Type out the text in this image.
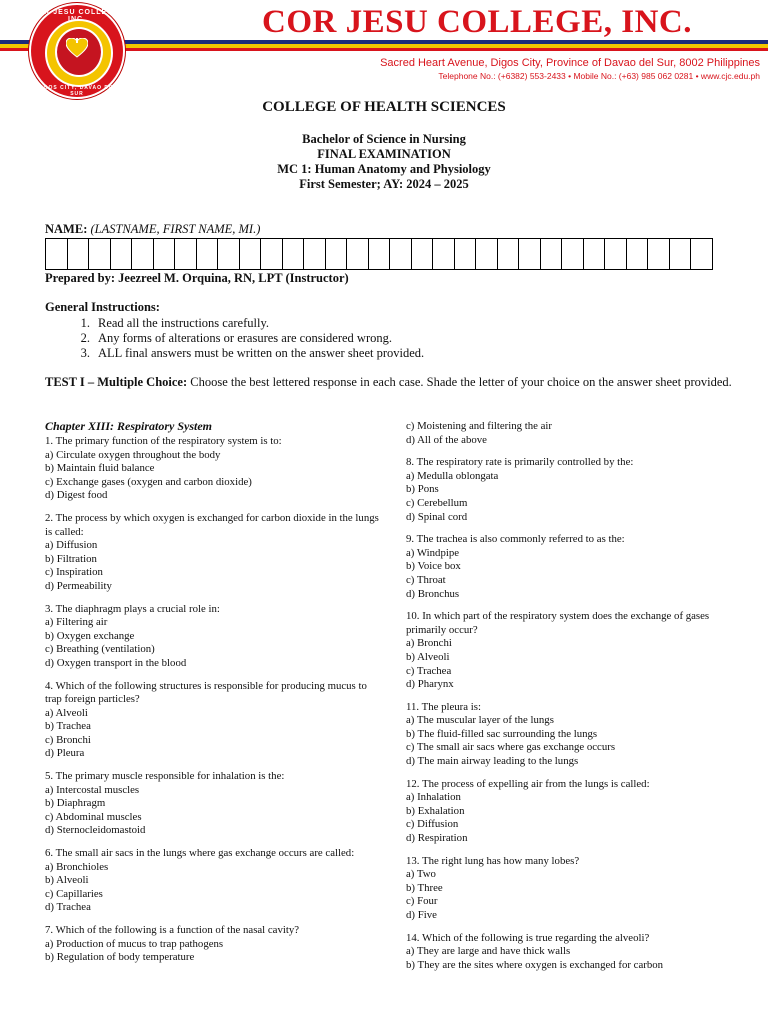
COR JESU COLLEGE, INC.
DIGOS CITY, DAVAO DEL SUR
COR JESU COLLEGE, INC.
Sacred Heart Avenue, Digos City, Province of Davao del Sur, 8002 Philippines
Telephone No.: (+6382) 553-2433 • Mobile No.: (+63) 985 062 0281 • www.cjc.edu.ph
COLLEGE OF HEALTH SCIENCES
Bachelor of Science in Nursing
FINAL EXAMINATION
MC 1: Human Anatomy and Physiology
First Semester; AY: 2024 – 2025
NAME: (LASTNAME, FIRST NAME, MI.)
Prepared by: Jeezreel M. Orquina, RN, LPT (Instructor)
General Instructions:
1. Read all the instructions carefully.
2. Any forms of alterations or erasures are considered wrong.
3. ALL final answers must be written on the answer sheet provided.
TEST I – Multiple Choice: Choose the best lettered response in each case. Shade the letter of your choice on the answer sheet provided.
Chapter XIII: Respiratory System
1. The primary function of the respiratory system is to:
a) Circulate oxygen throughout the body
b) Maintain fluid balance
c) Exchange gases (oxygen and carbon dioxide)
d) Digest food
2. The process by which oxygen is exchanged for carbon dioxide in the lungs is called:
a) Diffusion
b) Filtration
c) Inspiration
d) Permeability
3. The diaphragm plays a crucial role in:
a) Filtering air
b) Oxygen exchange
c) Breathing (ventilation)
d) Oxygen transport in the blood
4. Which of the following structures is responsible for producing mucus to trap foreign particles?
a) Alveoli
b) Trachea
c) Bronchi
d) Pleura
5. The primary muscle responsible for inhalation is the:
a) Intercostal muscles
b) Diaphragm
c) Abdominal muscles
d) Sternocleidomastoid
6. The small air sacs in the lungs where gas exchange occurs are called:
a) Bronchioles
b) Alveoli
c) Capillaries
d) Trachea
7. Which of the following is a function of the nasal cavity?
a) Production of mucus to trap pathogens
b) Regulation of body temperature
c) Moistening and filtering the air
d) All of the above
8. The respiratory rate is primarily controlled by the:
a) Medulla oblongata
b) Pons
c) Cerebellum
d) Spinal cord
9. The trachea is also commonly referred to as the:
a) Windpipe
b) Voice box
c) Throat
d) Bronchus
10. In which part of the respiratory system does the exchange of gases primarily occur?
a) Bronchi
b) Alveoli
c) Trachea
d) Pharynx
11. The pleura is:
a) The muscular layer of the lungs
b) The fluid-filled sac surrounding the lungs
c) The small air sacs where gas exchange occurs
d) The main airway leading to the lungs
12. The process of expelling air from the lungs is called:
a) Inhalation
b) Exhalation
c) Diffusion
d) Respiration
13. The right lung has how many lobes?
a) Two
b) Three
c) Four
d) Five
14. Which of the following is true regarding the alveoli?
a) They are large and have thick walls
b) They are the sites where oxygen is exchanged for carbon
